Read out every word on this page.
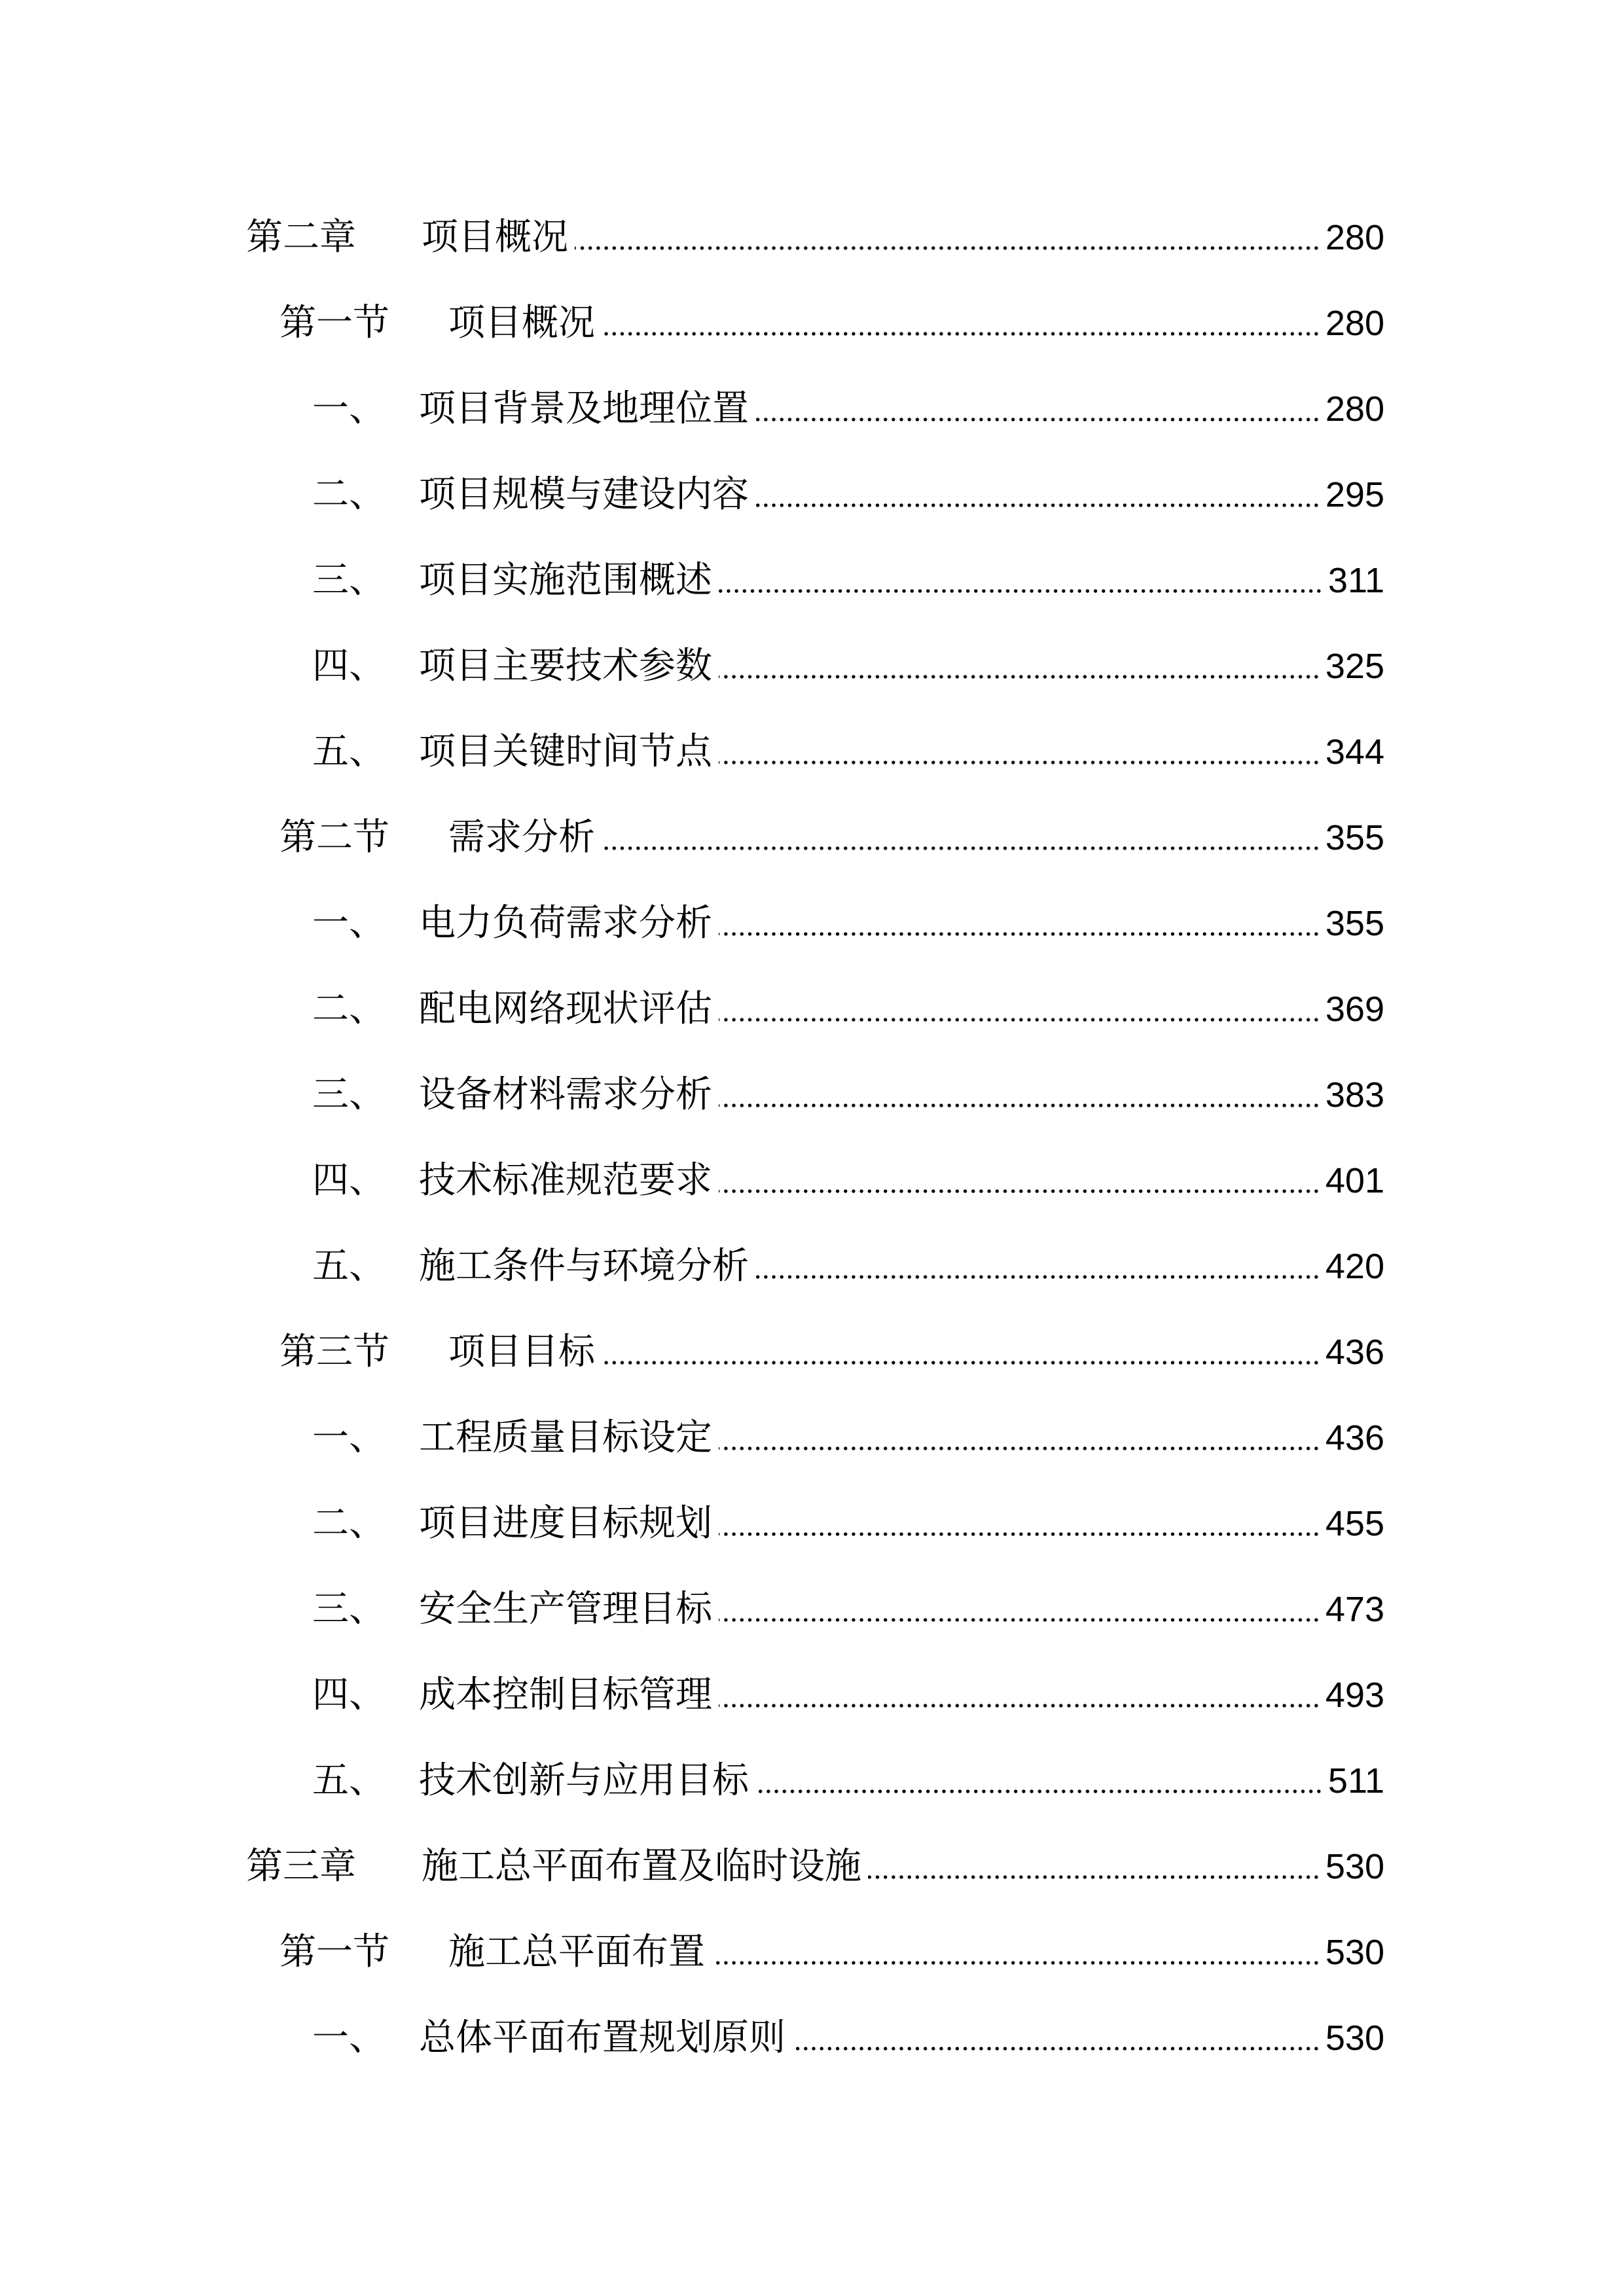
第二章	项目概况	280
第一节	项目概况	280
一、 项目背景及地理位置	280
二、 项目规模与建设内容	295
三、 项目实施范围概述	311
四、 项目主要技术参数	325
五、 项目关键时间节点	344
第二节	需求分析	355
一、 电力负荷需求分析	355
二、 配电网络现状评估	369
三、 设备材料需求分析	383
四、 技术标准规范要求	401
五、 施工条件与环境分析	420
第三节	项目目标	436
一、 工程质量目标设定	436
二、 项目进度目标规划	455
三、 安全生产管理目标	473
四、 成本控制目标管理	493
五、 技术创新与应用目标	511
第三章	施工总平面布置及临时设施	530
第一节	施工总平面布置	530
一、 总体平面布置规划原则	530
